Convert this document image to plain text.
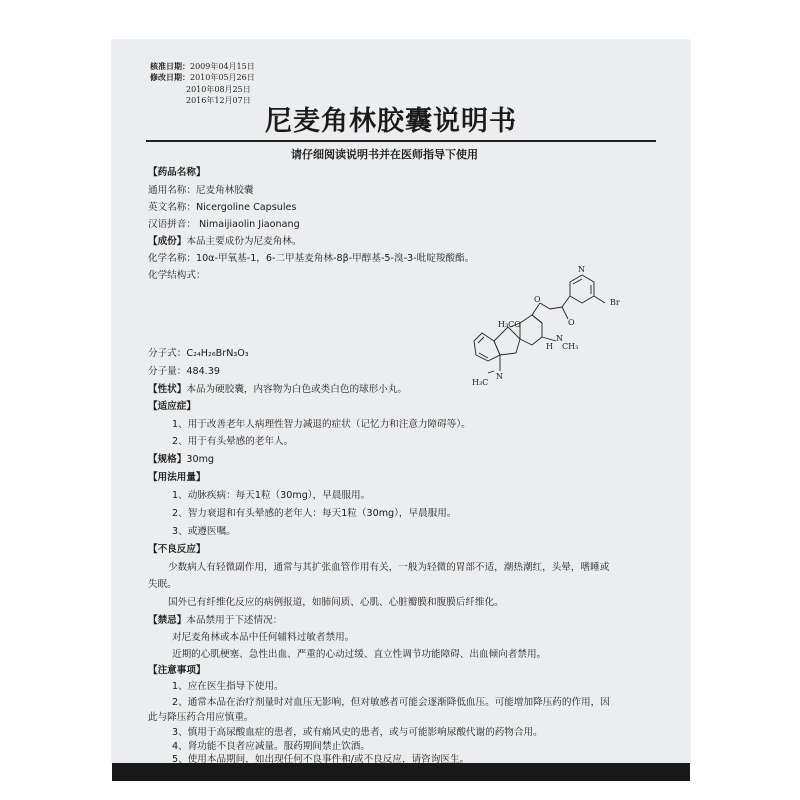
核准日期：2009年04月15日
修改日期：2010年05月26日
2010年08月25日
2016年12月07日
尼麦角林胶囊说明书
请仔细阅读说明书并在医师指导下使用
【药品名称】
通用名称：尼麦角林胶囊
英文名称：Nicergoline Capsules
汉语拼音： Nimaijiaolin Jiaonang
【成份】本品主要成份为尼麦角林。
化学名称：10α-甲氧基-1，6-二甲基麦角林-8β-甲醇基-5-溴-3-吡啶羧酸酯。
化学结构式：
分子式：C₂₄H₂₆BrN₃O₃
分子量：484.39
Br
N
O
O
H₃CO
H
N
CH₃
H₃C
N
【性状】本品为硬胶囊，内容物为白色或类白色的球形小丸。
【适应症】
1、用于改善老年人病理性智力减退的症状（记忆力和注意力障碍等）。
2、用于有头晕感的老年人。
【规格】30mg
【用法用量】
1、动脉疾病：每天1粒（30mg），早晨服用。
2、智力衰退和有头晕感的老年人：每天1粒（30mg），早晨服用。
3、或遵医嘱。
【不良反应】
少数病人有轻微副作用，通常与其扩张血管作用有关，一般为轻微的胃部不适，潮热潮红，头晕，嗜睡或
失眠。
国外已有纤维化反应的病例报道，如肺间质、心肌、心脏瓣膜和腹膜后纤维化。
【禁忌】本品禁用于下述情况：
对尼麦角林或本品中任何辅料过敏者禁用。
近期的心肌梗塞、急性出血、严重的心动过缓、直立性调节功能障碍、出血倾向者禁用。
【注意事项】
1、应在医生指导下使用。
2、通常本品在治疗剂量时对血压无影响，但对敏感者可能会逐渐降低血压。可能增加降压药的作用，因
此与降压药合用应慎重。
3、慎用于高尿酸血症的患者，或有痛风史的患者，或与可能影响尿酸代谢的药物合用。
4、肾功能不良者应减量。服药期间禁止饮酒。
5、使用本品期间，如出现任何不良事件和/或不良反应，请咨询医生。
